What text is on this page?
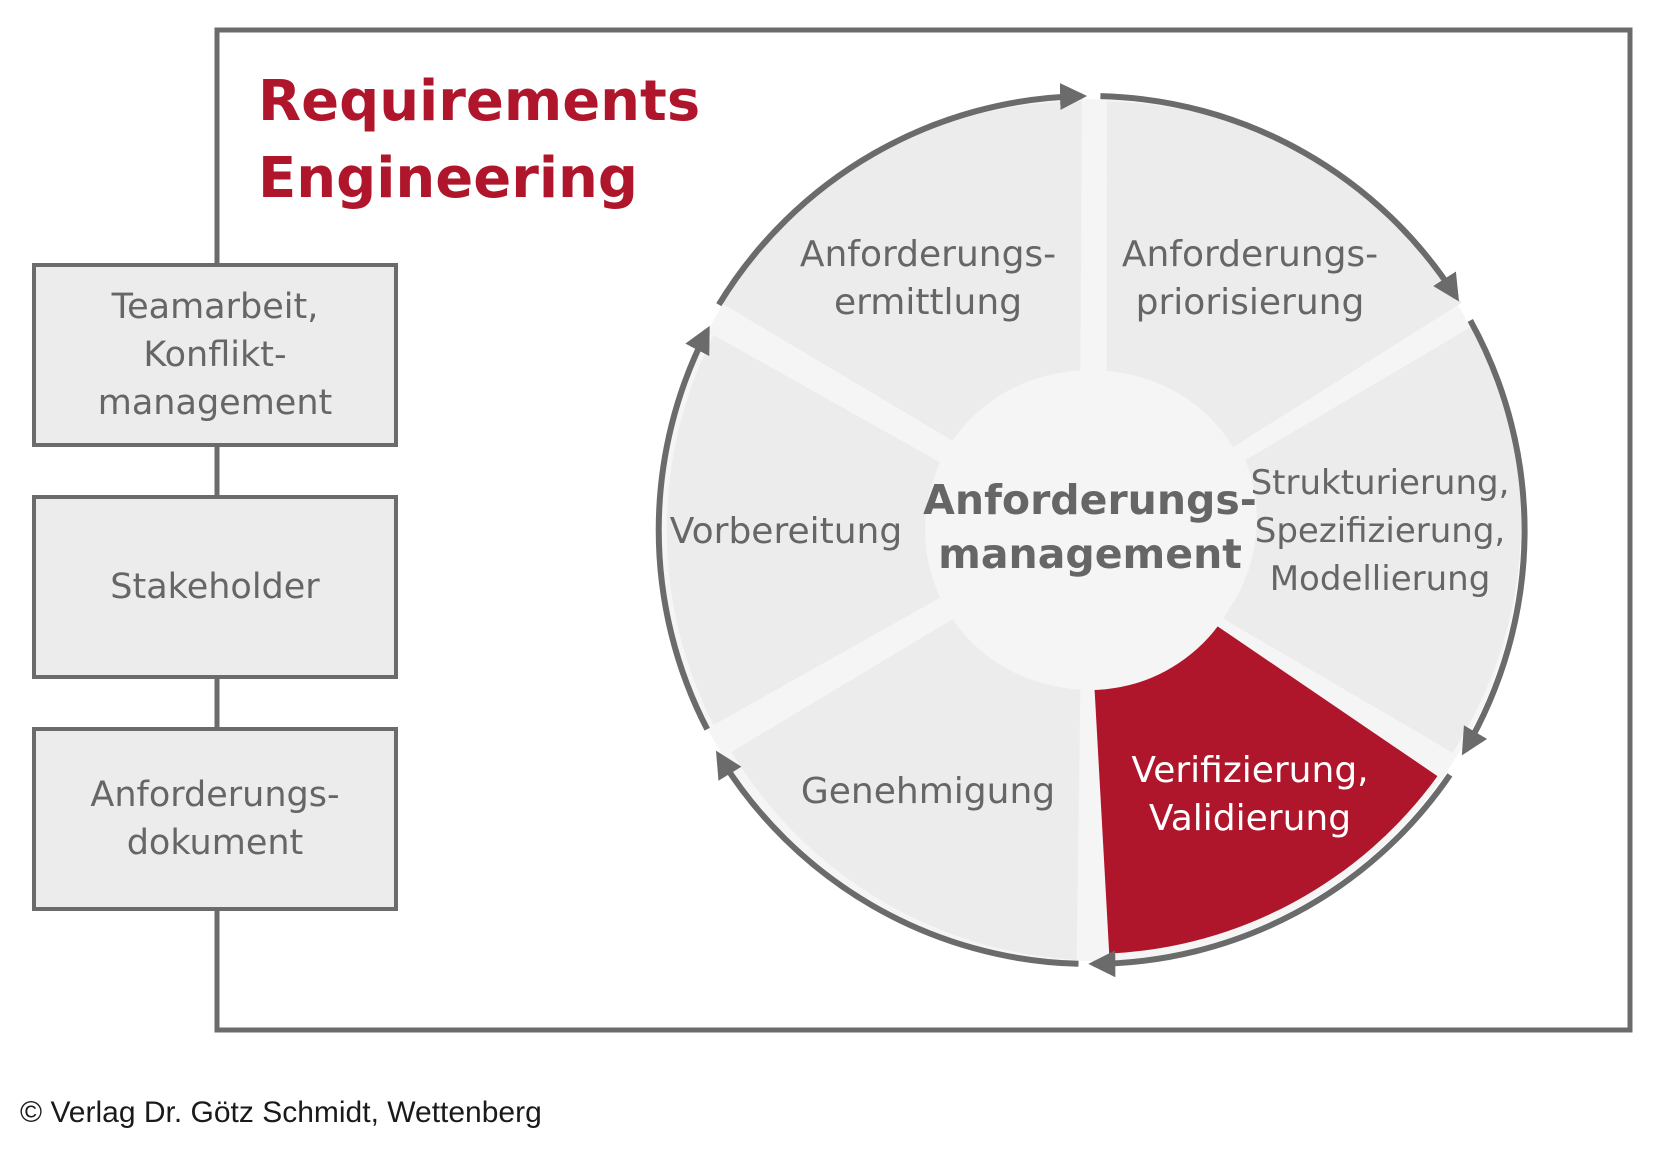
Requirements
Engineering
Teamarbeit,
Konflikt-
management
Stakeholder
Anforderungs-
dokument
Anforderungs-
management
Anforderungs-
ermittlung
Anforderungs-
priorisierung
Strukturierung,
Spezifizierung,
Modellierung
Verifizierung,
Validierung
Genehmigung
Vorbereitung
© Verlag Dr. Götz Schmidt, Wettenberg
